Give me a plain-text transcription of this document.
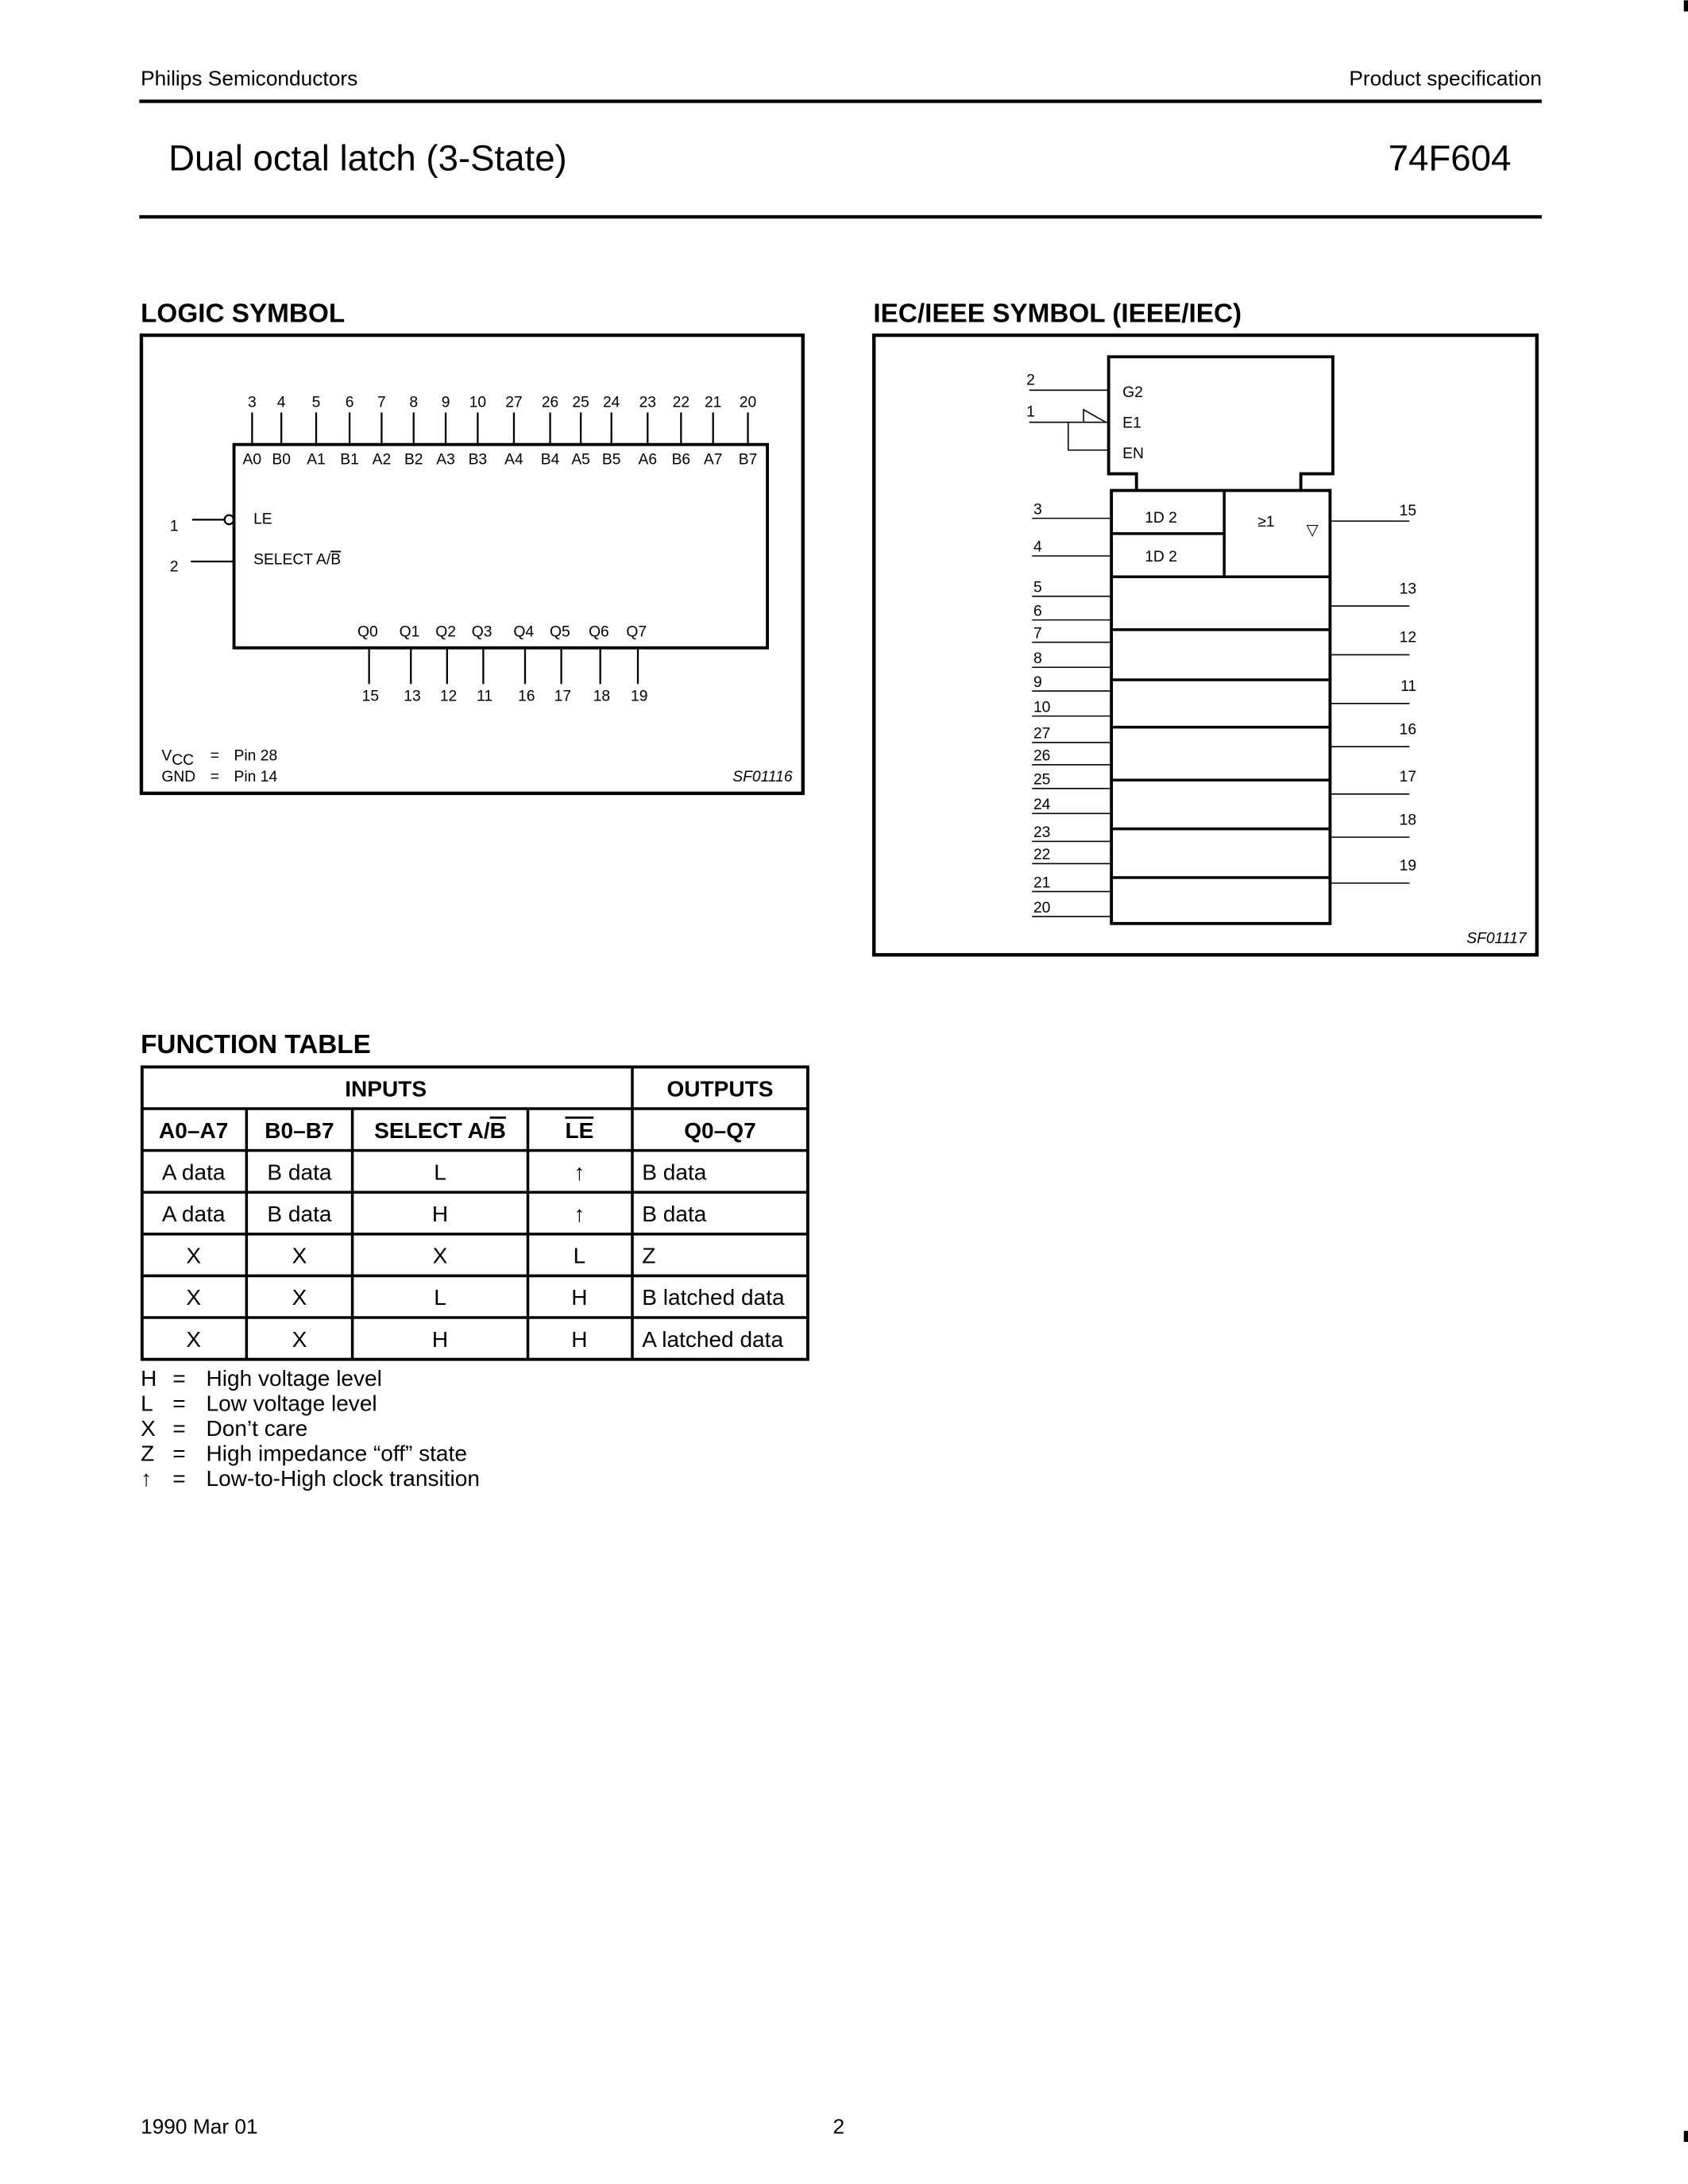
Philips Semiconductors	Product specification
Dual octal latch (3-State)	74F604
LOGIC SYMBOL
1	LE
2	SELECT A/B
3
A0
4
B0
5
A1
6
B1
7
A2
8
B2
9
A3
10
B3
27
A4
26
B4
25
A5
24
B5
23
A6
22
B6
21
A7
20
B7
Q0
15
Q1
13
Q2
12
Q3
11
Q4
16
Q5
17
Q6
18
Q7
19
VCC = Pin 28
GND = Pin 14	SF01116
IEC/IEEE SYMBOL (IEEE/IEC)
2
G2
1
E1
EN
1D 2
1D 2
≥1
▽
3
4
5
6
7
8
9
10
27
26
25
24
23
22
21
20
15
13
12
11
16
17
18
19
SF01117
FUNCTION TABLE
INPUTS	OUTPUTS
A0–A7	B0–B7	SELECT A/B	LE	Q0–Q7
A data	B data	L	↑	B data
A data	B data	H	↑	B data
X	X	X	L	Z
X	X	L	H	B latched data
X	X	H	H	A latched data
H = High voltage level
L = Low voltage level
X = Don’t care
Z = High impedance “off” state
↑ = Low-to-High clock transition
1990 Mar 01	2
